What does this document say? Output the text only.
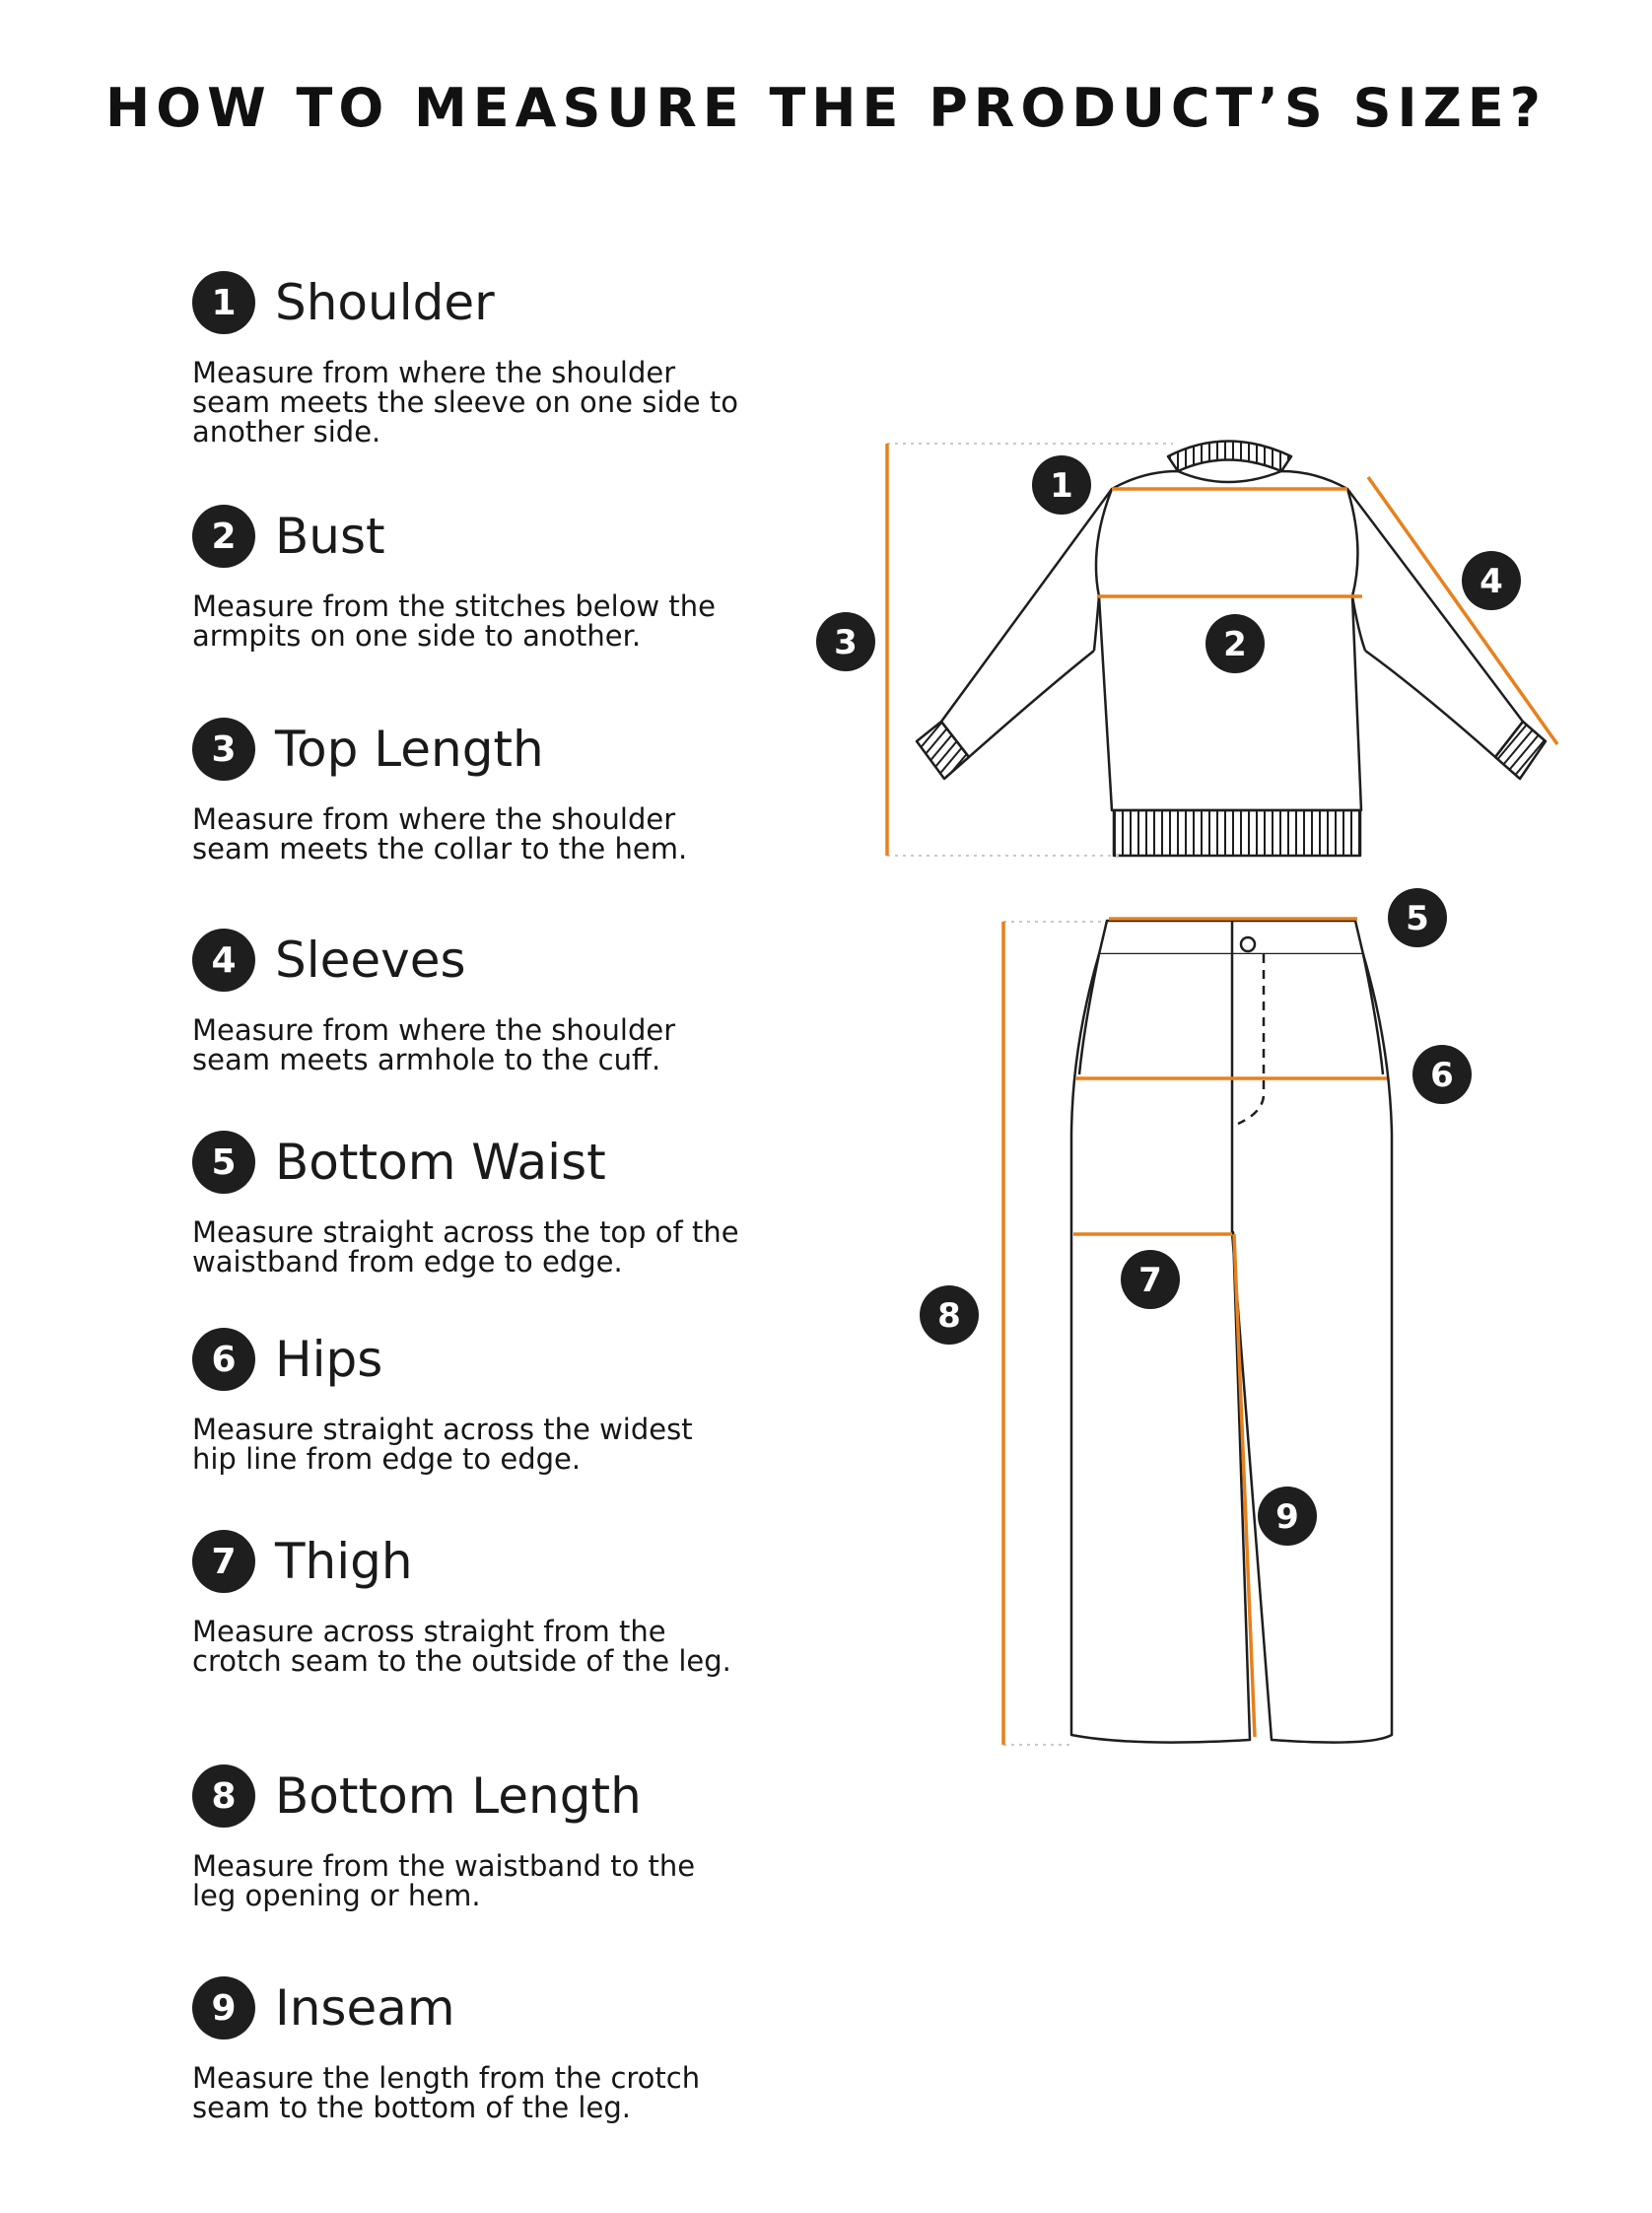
HOW TO MEASURE THE PRODUCT’S SIZE?
1 Shoulder
Measure from where the shoulder seam meets the sleeve on one side to another side.
2 Bust
Measure from the stitches below the armpits on one side to another.
3 Top Length
Measure from where the shoulder seam meets the collar to the hem.
4 Sleeves
Measure from where the shoulder seam meets armhole to the cuff.
5 Bottom Waist
Measure straight across the top of the waistband from edge to edge.
6 Hips
Measure straight across the widest hip line from edge to edge.
7 Thigh
Measure across straight from the crotch seam to the outside of the leg.
8 Bottom Length
Measure from the waistband to the leg opening or hem.
9 Inseam
Measure the length from the crotch seam to the bottom of the leg.
1
2
3
4
5
6
7
8
9
